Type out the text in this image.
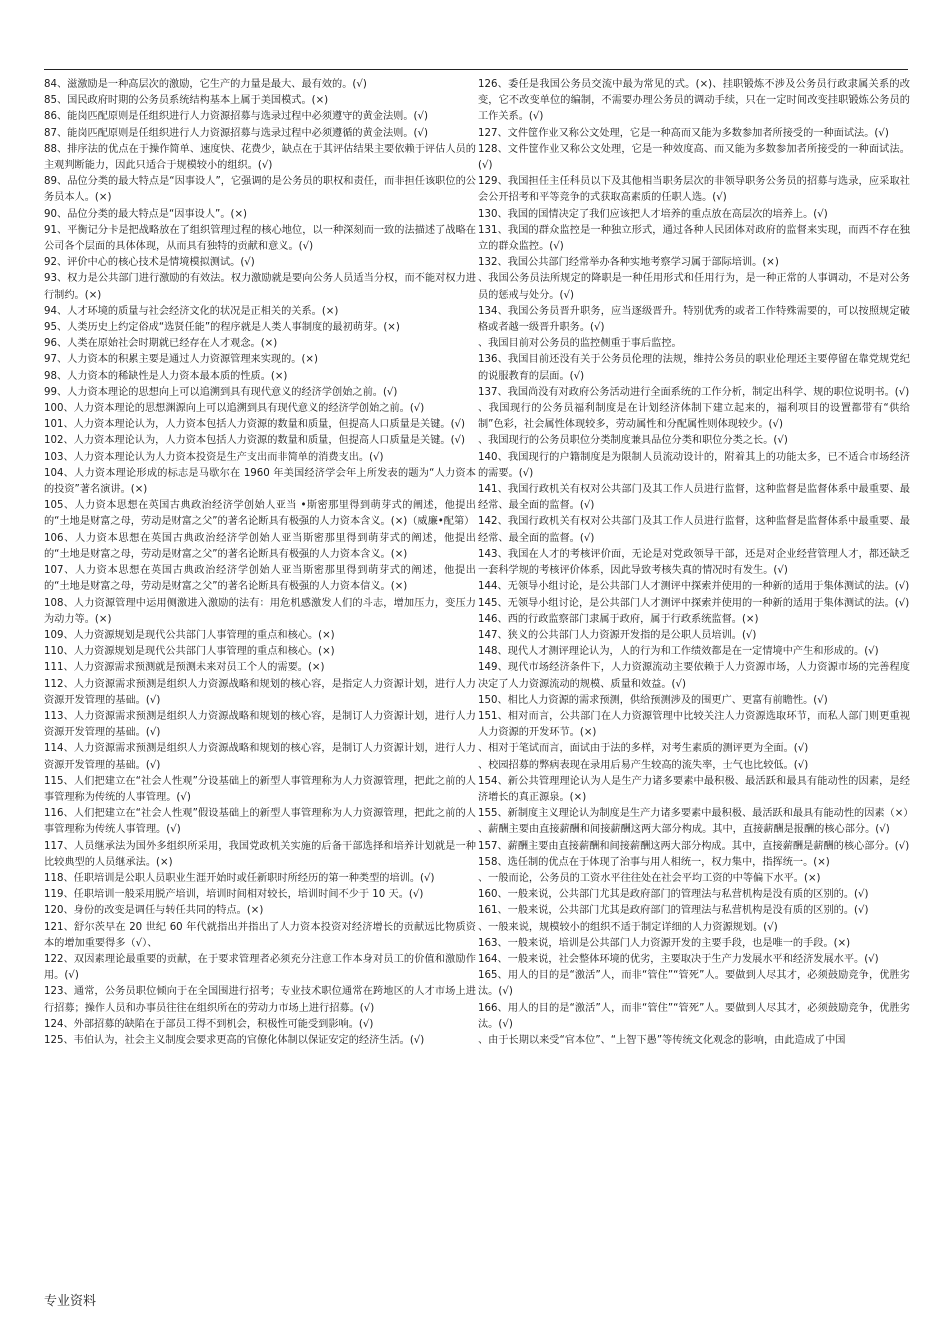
84、滋激励是一种高层次的激励，它生产的力量是最大、最有效的。(√)

85、国民政府时期的公务员系统结构基本上属于美国模式。(×)

86、能岗匹配原则是任组织进行人力资源招募与选录过程中必须遵守的黄金法则。(√)

87、能岗匹配原则是任组织进行人力资源招募与选录过程中必须遵循的黄金法则。(√)

88、排序法的优点在于操作简单、速度快、花费少，缺点在于其评估结果主要依赖于评估人员的主观判断能力，因此只适合于规模较小的组织。(√)

89、品位分类的最大特点是“因事设人”，它强调的是公务员的职权和责任，而非担任该职位的公务员本人。(×)

90、品位分类的最大特点是“因事设人”。(×)

91、平衡记分卡是把战略放在了组织管理过程的核心地位，以一种深刻而一致的法描述了战略在公司各个层面的具体体现，从而具有独特的贡献和意义。(√)

92、评价中心的核心技术是情境模拟测试。(√)

93、权力是公共部门进行激励的有效法。权力激励就是要向公务人员适当分权，而不能对权力进行制约。(×)

94、人才环境的质量与社会经济文化的状况是正相关的关系。(×)

95、人类历史上约定俗成“选贤任能”的程序就是人类人事制度的最初萌芽。(×)

96、人类在原始社会时期就已经存在人才观念。(×)

97、人力资本的积累主要是通过人力资源管理来实现的。(×)

98、人力资本的稀缺性是人力资本最本质的性质。(×)

99、人力资本理论的思想向上可以追溯到具有现代意义的经济学创始之前。(√)

100、人力资本理论的思想渊源向上可以追溯到具有现代意义的经济学创始之前。(√)

101、人力资本理论认为，人力资本包括人力资源的数量和质量，但提高人口质量是关键。(√)

102、人力资本理论认为，人力资本包括人力资源的数量和质量，但提高人口质量是关键。(√)

103、人力资本理论认为人力资本投资是生产支出而非简单的消费支出。(√)

104、人力资本理论形成的标志是马歇尔在 1960 年美国经济学会年上所发表的题为“人力资本的投资”著名演讲。(×)

105、人力资本思想在英国古典政治经济学创始人亚当 •斯密那里得到萌芽式的阐述，他提出的“土地是财富之母，劳动是财富之父”的著名论断具有极强的人力资本含义。(×)（威廉•配第）

106、人力资本思想在英国古典政治经济学创始人亚当斯密那里得到萌芽式的阐述，他提出的“土地是财富之母，劳动是财富之父”的著名论断具有极强的人力资本含义。(×)

107、人力资本思想在英国古典政治经济学创始人亚当斯密那里得到萌芽式的阐述，他提出的“土地是财富之母，劳动是财富之父”的著名论断具有极强的人力资本信义。(×)

108、人力资源管理中运用侧激进入激励的法有：用危机感激发人们的斗志，增加压力，变压力为动力等。(×)

109、人力资源规划是现代公共部门人事管理的重点和核心。(×)

110、人力资源规划是现代公共部门人事管理的重点和核心。(×)

111、人力资源需求预测就是预测未来对员工个人的需要。(×)

112、人力资源需求预测是组织人力资源战略和规划的核心容，是指定人力资源计划，进行人力资源开发管理的基础。(√)

113、人力资源需求预测是组织人力资源战略和规划的核心容，是制订人力资源计划，进行人力资源开发管理的基础。(√)

114、人力资源需求预测是组织人力资源战略和规划的核心容，是制订人力资源计划，进行人力资源开发管理的基础。(√)

115、人们把建立在“社会人性观”分设基础上的新型人事管理称为人力资源管理，把此之前的人事管理称为传统的人事管理。(√)

116、人们把建立在“社会人性观”假设基础上的新型人事管理称为人力资源管理，把此之前的人事管理称为传统人事管理。(√)

117、人员继承法为国外多组织所采用，我国党政机关实施的后备干部选择和培养计划就是一种比较典型的人员继承法。(×)

118、任职培训是公职人员职业生涯开始时或任新职时所经历的第一种类型的培训。(√)

119、任职培训一般采用脱产培训，培训时间相对较长，培训时间不少于 10 天。(√)

120、身份的改变是调任与转任共同的特点。(×)

121、舒尔茨早在 20 世纪 60 年代就指出并指出了人力资本投资对经济增长的贡献远比物质资本的增加重要得多（√）、

122、双因素理论最重要的贡献，在于要求管理者必须充分注意工作本身对员工的价值和激励作用。(√)

123、通常，公务员职位倾向于在全国围进行招考；专业技术职位通常在跨地区的人才市场上进行招募；操作人员和办事员往往在组织所在的劳动力市场上进行招募。(√)

124、外部招募的缺陷在于部员工得不到机会，积极性可能受到影响。(√)

125、韦伯认为，社会主义制度会要求更高的官僚化体制以保证安定的经济生活。(√)

126、委任是我国公务员交流中最为常见的式。(×)、挂职锻炼不涉及公务员行政隶属关系的改变，它不改变单位的编制，不需要办理公务员的调动手续，只在一定时间改变挂职锻炼公务员的工作关系。(√)

127、文件筐作业又称公文处理，它是一种高而又能为多数参加者所接受的一种面试法。(√)

128、文件筐作业又称公文处理，它是一种效度高、而又能为多数参加者所接受的一种面试法。(√)

129、我国担任主任科员以下及其他相当职务层次的非领导职务公务员的招募与选录，应采取社会公开招考和平等竞争的式获取高素质的任职人选。(√)

130、我国的国情决定了我们应该把人才培养的重点放在高层次的培养上。(√)

131、我国的群众监控是一种独立形式，通过各种人民团体对政府的监督来实现，而西不存在独立的群众监控。(√)

132、我国公共部门经常举办各种实地考察学习属于部际培训。(×)

、我国公务员法所规定的降职是一种任用形式和任用行为，是一种正常的人事调动，不是对公务员的惩戒与处分。(√)

134、我国公务员晋升职务，应当逐级晋升。特别优秀的或者工作特殊需要的，可以按照规定破格或者越一级晋升职务。(√)

、我国目前对公务员的监控侧重于事后监控。

136、我国目前还没有关于公务员伦理的法规，维持公务员的职业伦理还主要停留在靠党规党纪的说服教育的层面。(√)

137、我国尚没有对政府公务活动进行全面系统的工作分析，制定出科学、规的职位说明书。(√)

、我国现行的公务员福利制度是在计划经济体制下建立起来的，福利项目的设置都带有“供给制”色彩，社会属性体现较多，劳动属性和分配属性则体现较少。(√)

、我国现行的公务员职位分类制度兼具品位分类和职位分类之长。(√)

140、我国现行的户籍制度是为限制人员流动设计的，附着其上的功能太多，已不适合市场经济的需要。(√)

141、我国行政机关有权对公共部门及其工作人员进行监督，这种监督是监督体系中最重要、最经常、最全面的监督。(√)

142、我国行政机关有权对公共部门及其工作人员进行监督，这种监督是监督体系中最重要、最经常、最全面的监督。(√)

143、我国在人才的考核评价面，无论是对党政领导干部，还是对企业经营管理人才，都还缺乏一套科学规的考核评价体系，因此导致考核失真的情况时有发生。(√)

144、无领导小组讨论，是公共部门人才测评中探索并使用的一种新的适用于集体测试的法。(√)

145、无领导小组讨论，是公共部门人才测评中探索并使用的一种新的适用于集体测试的法。(√)

146、西的行政监察部门隶属于政府，属于行政系统监督。(×)

147、狭义的公共部门人力资源开发指的是公职人员培训。(√)

148、现代人才测评理论认为，人的行为和工作绩效都是在一定情境中产生和形成的。(√)

149、现代市场经济条件下，人力资源流动主要依赖于人力资源市场，人力资源市场的完善程度决定了人力资源流动的规模、质量和效益。(√)

150、相比人力资源的需求预测，供给预测涉及的围更广、更富有前瞻性。(√)

151、相对而言，公共部门在人力资源管理中比较关注人力资源选取环节，而私人部门则更重视人力资源的开发环节。(×)

、相对于笔试而言，面试由于法的多样，对考生素质的测评更为全面。(√)

、校园招募的弊病表现在录用后易产生较高的流失率，士气也比较低。(√)

154、新公共管理理论认为人是生产力诸多要素中最积极、最活跃和最具有能动性的因素，是经济增长的真正源泉。(×)

155、新制度主义理论认为制度是生产力诸多要素中最积极、最活跃和最具有能动性的因素（×）

、薪酬主要由直接薪酬和间接薪酬这两大部分构成。其中，直接薪酬是报酬的核心部分。(√)

157、薪酬主要由直接薪酬和间接薪酬这两大部分构成。其中，直接薪酬是薪酬的核心部分。(√)

158、选任制的优点在于体现了治事与用人相统一，权力集中，指挥统一。(×)

、一般而论，公务员的工资水平往往处在社会平均工资的中等偏下水平。(×)

160、一般来说，公共部门尤其是政府部门的管理法与私营机构是没有质的区别的。(√)

161、一般来说，公共部门尤其是政府部门的管理法与私营机构是没有质的区别的。(√)

、一般来说，规模较小的组织不适于制定详细的人力资源规划。(√)

163、一般来说，培训是公共部门人力资源开发的主要手段，也是唯一的手段。(×)

164、一般来说，社会整体环境的优劣，主要取决于生产力发展水平和经济发展水平。(√)

165、用人的目的是“激活”人，而非“管住”“管死”人。要做到人尽其才，必须鼓励竞争，优胜劣汰。(√)

166、用人的目的是“激活”人，而非“管住”“管死”人。要做到人尽其才，必须鼓励竞争，优胜劣汰。(√)

、由于长期以来受“官本位”、“上智下愚”等传统文化观念的影响，由此造成了中国

专业资料
